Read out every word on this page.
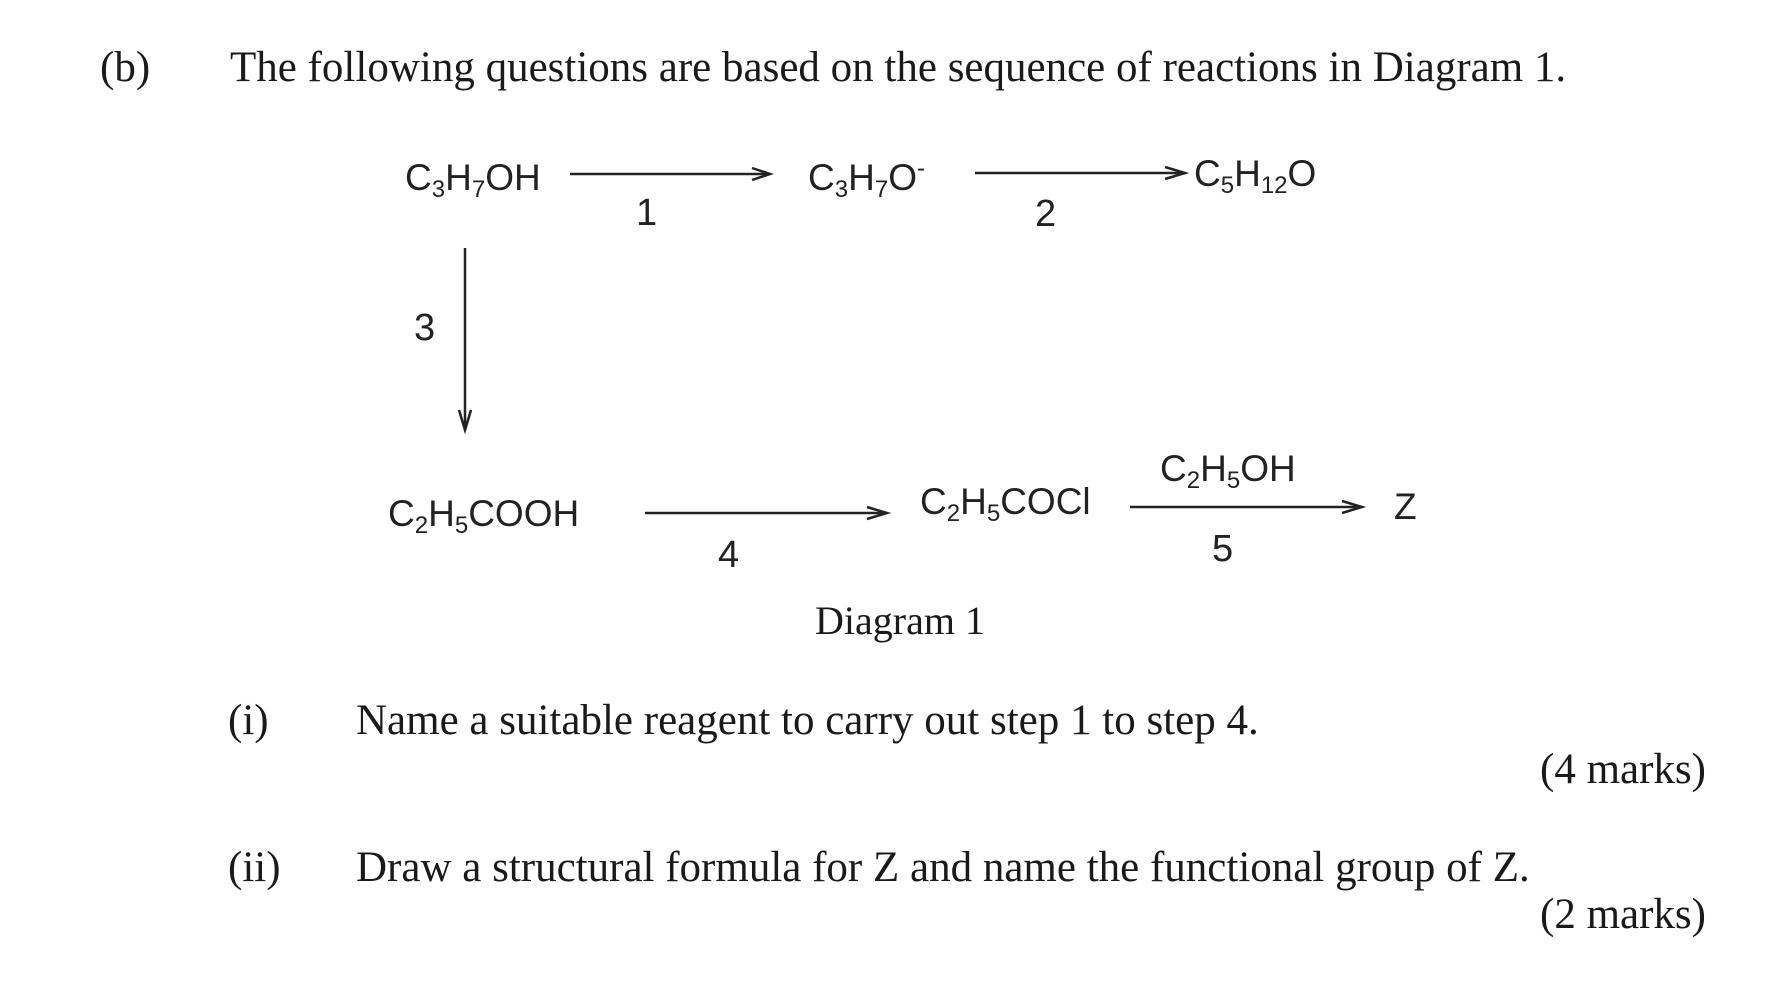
(b) The following questions are based on the sequence of reactions in Diagram 1.
$C_3H_7OH$
1
$C_3H_7O^-$
2
$C_5H_{12}O$
3
$C_2H_5COOH$
4
$C_2H_5COCl$
$C_2H_5OH$
5
Z
Diagram 1
(i) Name a suitable reagent to carry out step 1 to step 4.
(4 marks)
(ii) Draw a structural formula for Z and name the functional group of Z.
(2 marks)
